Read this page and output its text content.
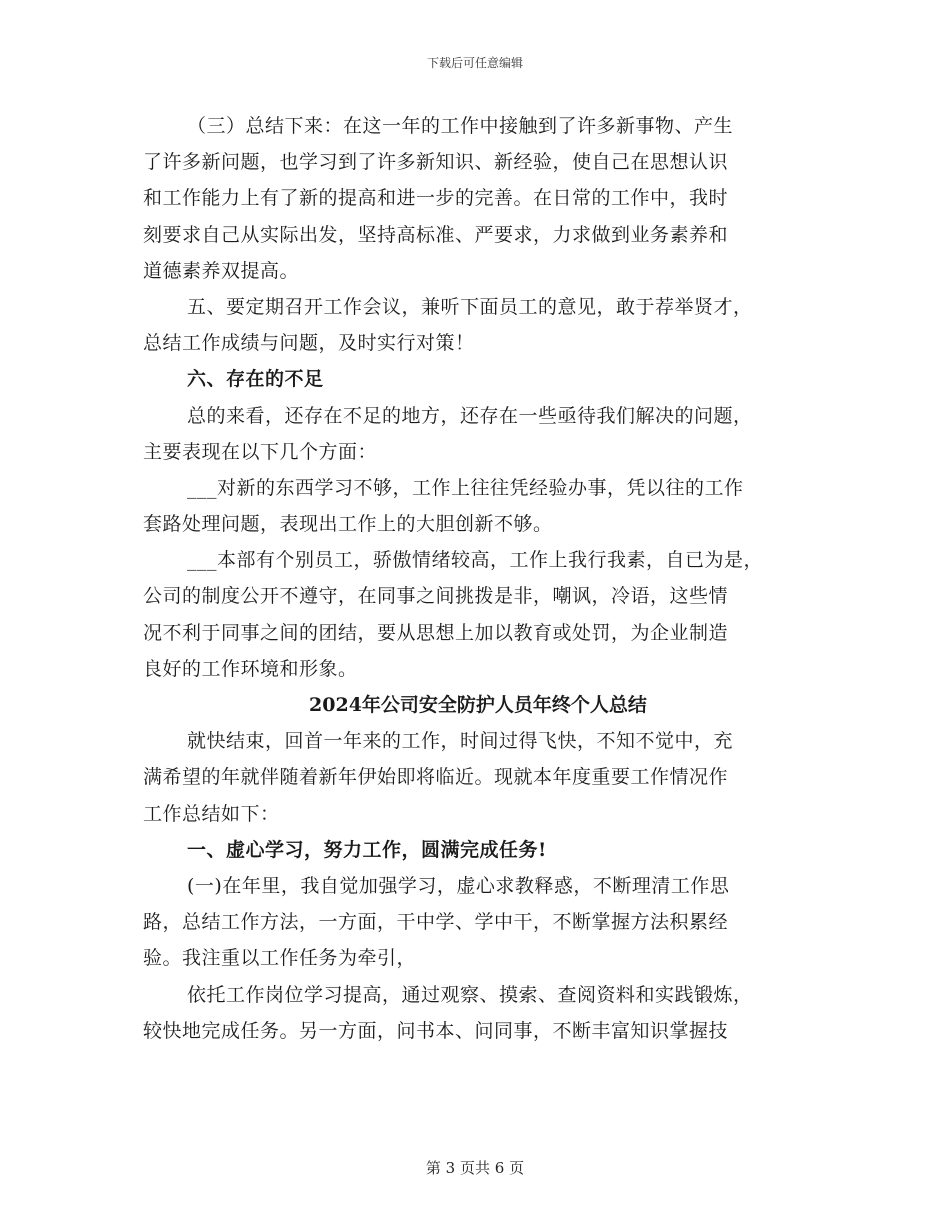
下载后可任意编辑
（三）总结下来：在这一年的工作中接触到了许多新事物、产生
了许多新问题，也学习到了许多新知识、新经验，使自己在思想认识
和工作能力上有了新的提高和进一步的完善。在日常的工作中，我时
刻要求自己从实际出发，坚持高标准、严要求，力求做到业务素养和
道德素养双提高。
五、要定期召开工作会议，兼听下面员工的意见，敢于荐举贤才，
总结工作成绩与问题，及时实行对策！
六、存在的不足
总的来看，还存在不足的地方，还存在一些亟待我们解决的问题，
主要表现在以下几个方面：
___对新的东西学习不够，工作上往往凭经验办事，凭以往的工作
套路处理问题，表现出工作上的大胆创新不够。
___本部有个别员工，骄傲情绪较高，工作上我行我素，自已为是，
公司的制度公开不遵守，在同事之间挑拨是非，嘲讽，冷语，这些情
况不利于同事之间的团结，要从思想上加以教育或处罚，为企业制造
良好的工作环境和形象。
2024年公司安全防护人员年终个人总结
就快结束，回首一年来的工作，时间过得飞快，不知不觉中，充
满希望的年就伴随着新年伊始即将临近。现就本年度重要工作情况作
工作总结如下：
一、虚心学习，努力工作，圆满完成任务!
(一)在年里，我自觉加强学习，虚心求教释惑，不断理清工作思
路，总结工作方法，一方面，干中学、学中干，不断掌握方法积累经
验。我注重以工作任务为牵引，
依托工作岗位学习提高，通过观察、摸索、查阅资料和实践锻炼，
较快地完成任务。另一方面，问书本、问同事，不断丰富知识掌握技
第 3 页共 6 页
